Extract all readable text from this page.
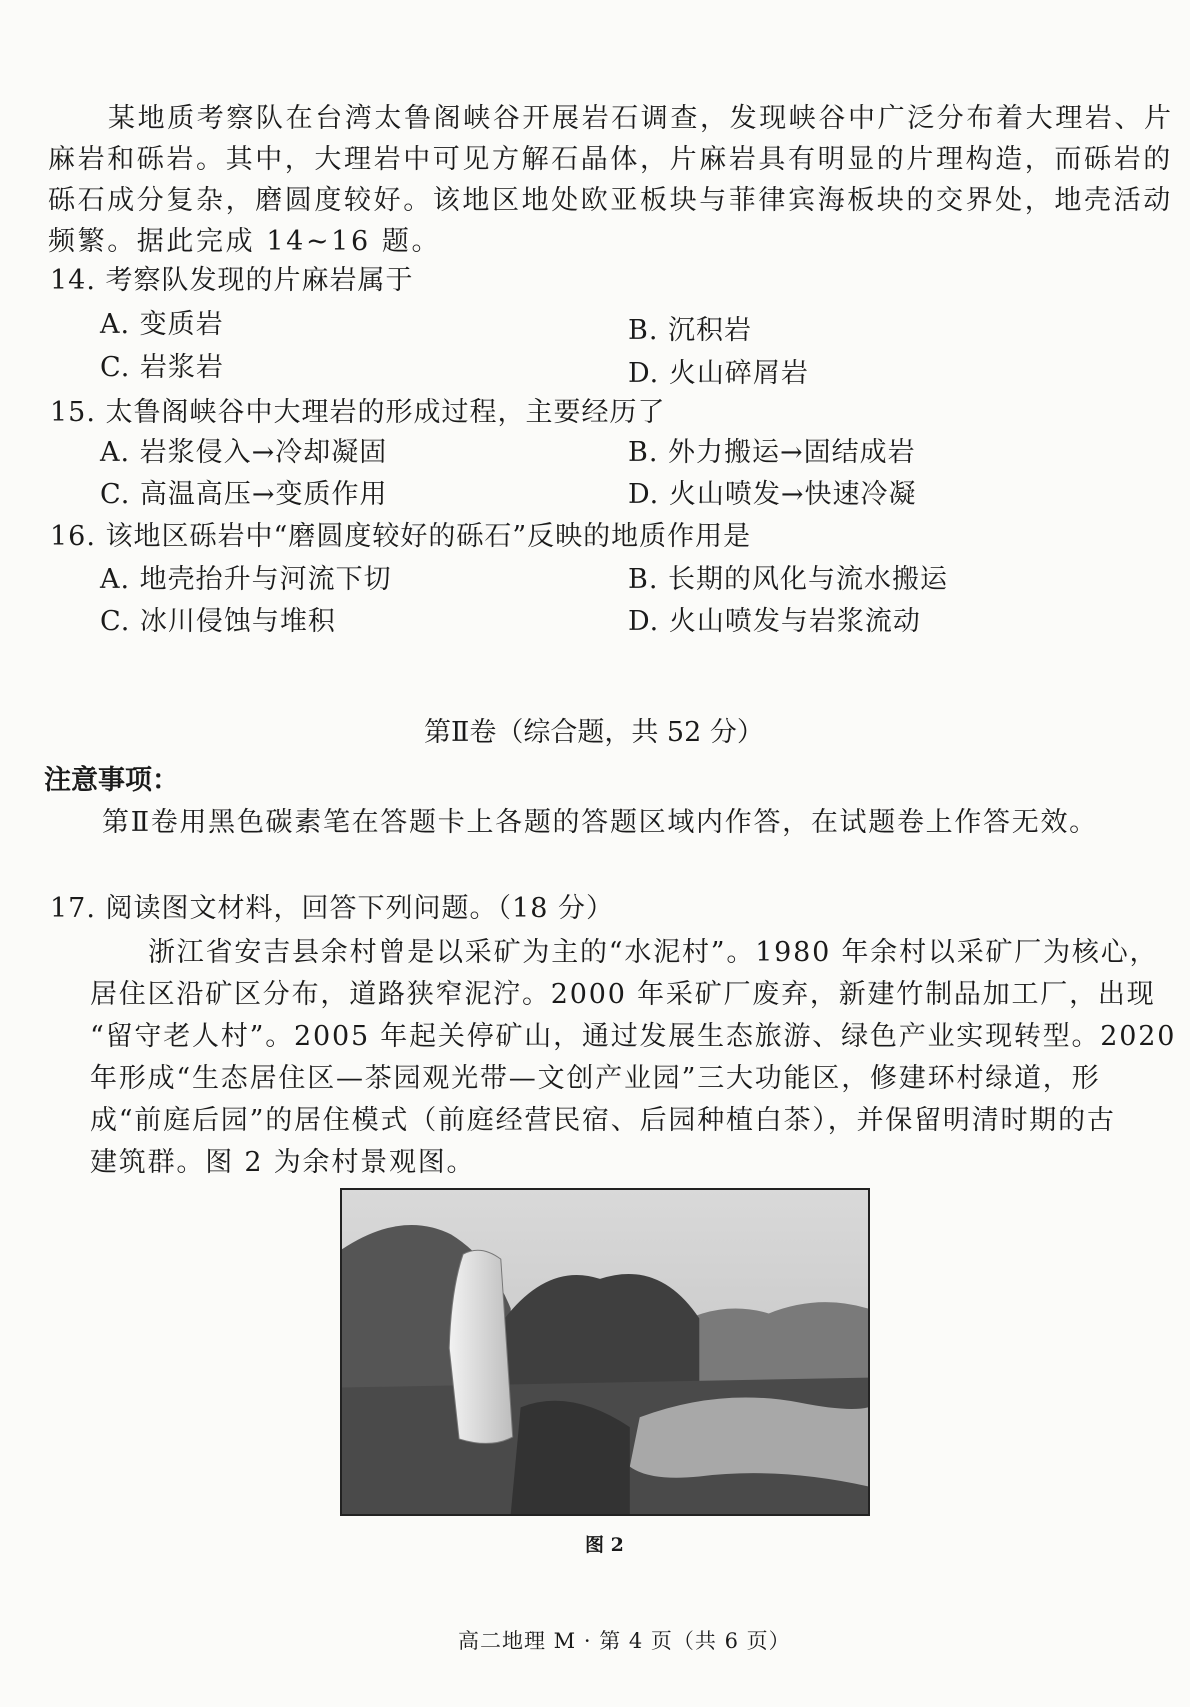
某地质考察队在台湾太鲁阁峡谷开展岩石调查，发现峡谷中广泛分布着大理岩、片
麻岩和砾岩。其中，大理岩中可见方解石晶体，片麻岩具有明显的片理构造，而砾岩的
砾石成分复杂，磨圆度较好。该地区地处欧亚板块与菲律宾海板块的交界处，地壳活动
频繁。据此完成 14~16 题。
14. 考察队发现的片麻岩属于
A. 变质岩	B. 沉积岩
C. 岩浆岩	D. 火山碎屑岩
15. 太鲁阁峡谷中大理岩的形成过程，主要经历了
A. 岩浆侵入→冷却凝固	B. 外力搬运→固结成岩
C. 高温高压→变质作用	D. 火山喷发→快速冷凝
16. 该地区砾岩中“磨圆度较好的砾石”反映的地质作用是
A. 地壳抬升与河流下切	B. 长期的风化与流水搬运
C. 冰川侵蚀与堆积	D. 火山喷发与岩浆流动
第Ⅱ卷（综合题，共 52 分）
注意事项：
第Ⅱ卷用黑色碳素笔在答题卡上各题的答题区域内作答，在试题卷上作答无效。
17. 阅读图文材料，回答下列问题。（18 分）
浙江省安吉县余村曾是以采矿为主的“水泥村”。1980 年余村以采矿厂为核心，
居住区沿矿区分布，道路狭窄泥泞。2000 年采矿厂废弃，新建竹制品加工厂，出现
“留守老人村”。2005 年起关停矿山，通过发展生态旅游、绿色产业实现转型。2020
年形成“生态居住区—茶园观光带—文创产业园”三大功能区，修建环村绿道，形
成“前庭后园”的居住模式（前庭经营民宿、后园种植白茶），并保留明清时期的古
建筑群。图 2 为余村景观图。
图 2
高二地理 M · 第 4 页（共 6 页）
